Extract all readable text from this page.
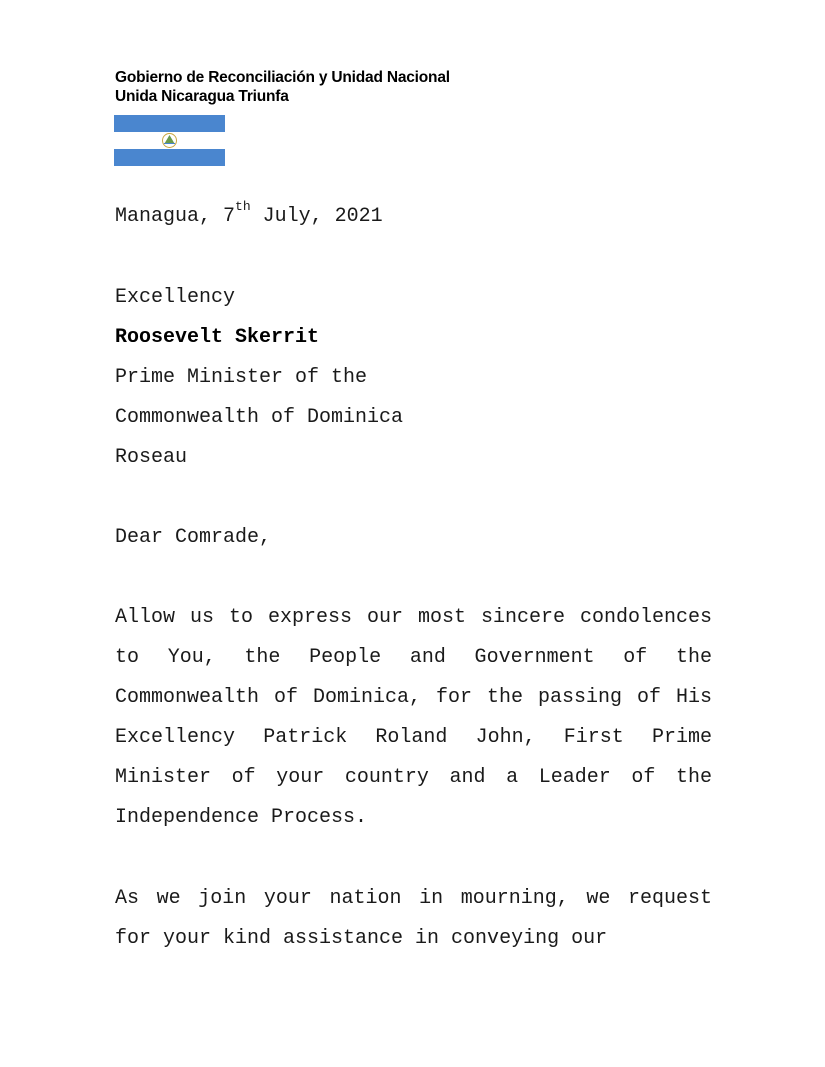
Gobierno de Reconciliación y Unidad Nacional
Unida Nicaragua Triunfa
Managua, 7th July, 2021
Excellency
Roosevelt Skerrit
Prime Minister of the
Commonwealth of Dominica
Roseau
Dear Comrade,
Allow us to express our most sincere condolences to You, the People and Government of the Commonwealth of Dominica, for the passing of His Excellency Patrick Roland John, First Prime Minister of your country and a Leader of the Independence Process.
As we join your nation in mourning, we request for your kind assistance in conveying our
